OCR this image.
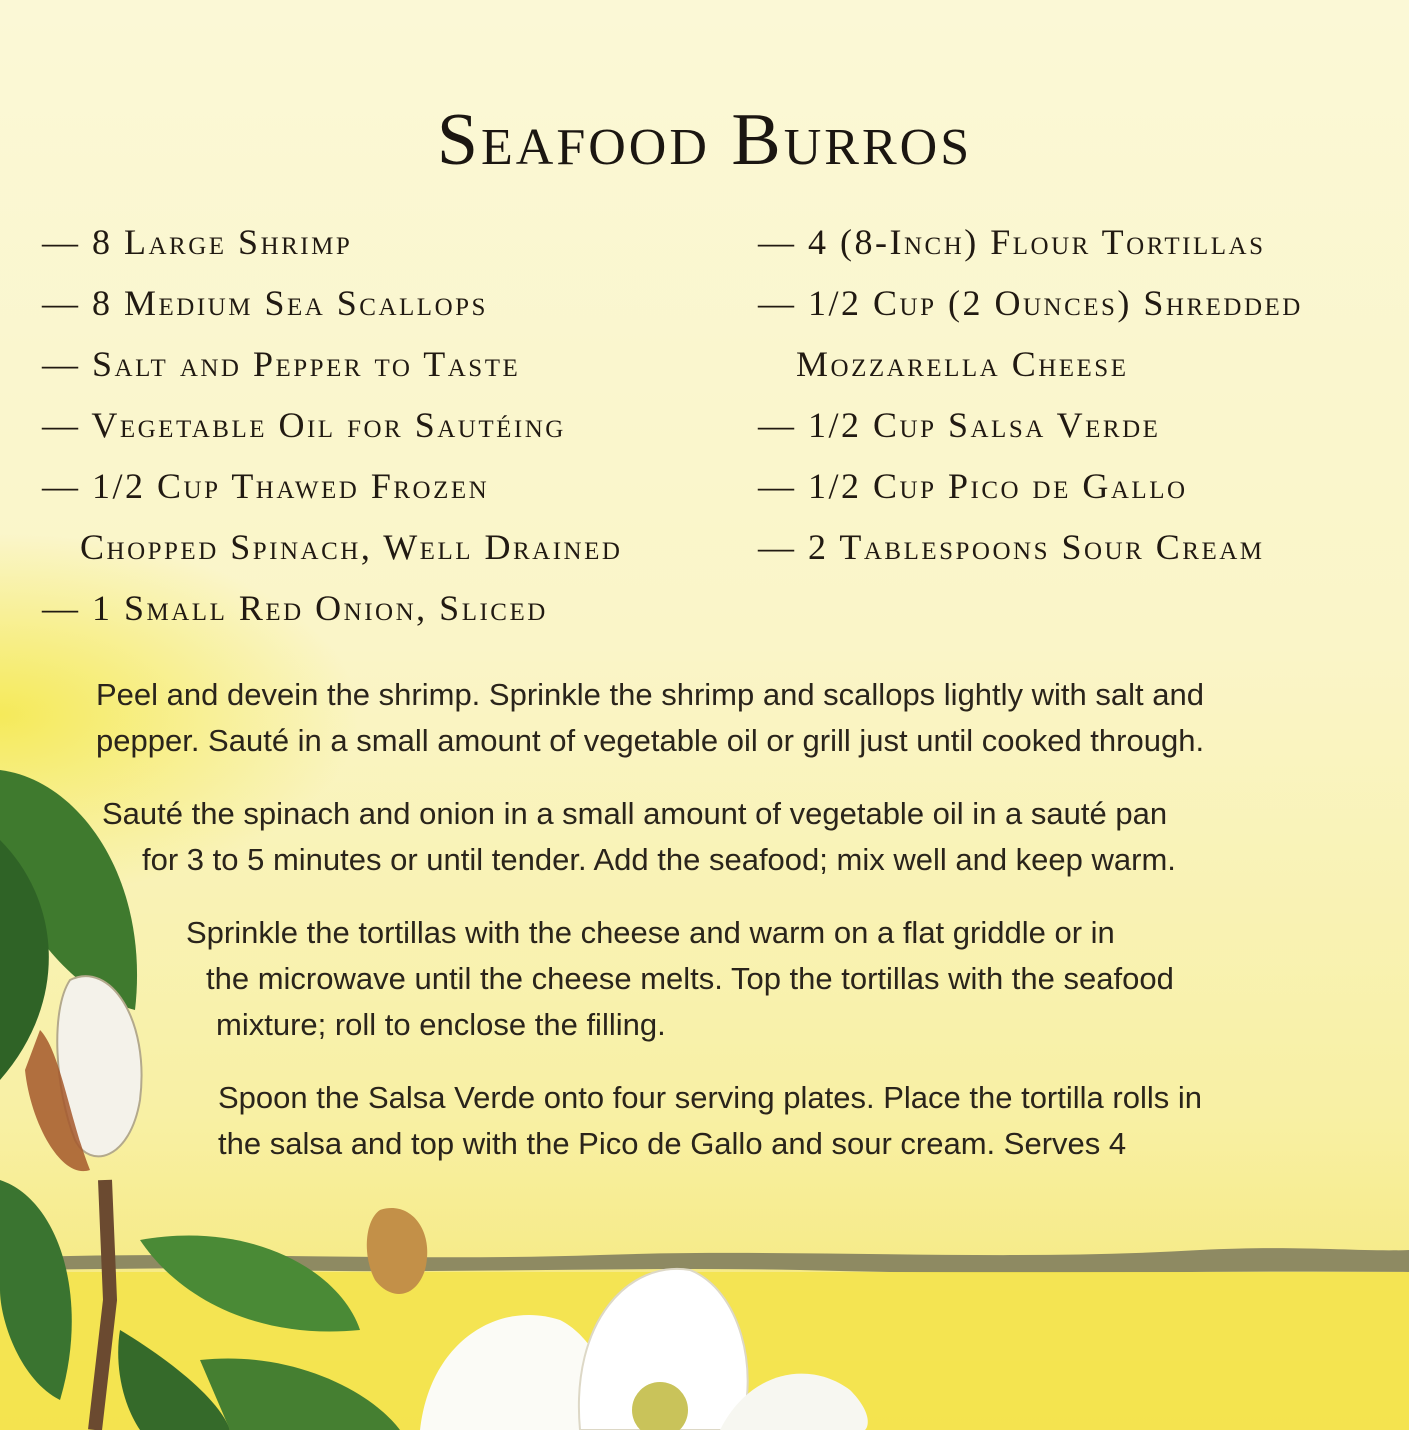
Seafood Burros
— 8 Large Shrimp
— 8 Medium Sea Scallops
— Salt and Pepper to Taste
— Vegetable Oil for Sautéing
— 1/2 Cup Thawed Frozen
Chopped Spinach, Well Drained
— 1 Small Red Onion, Sliced
— 4 (8-Inch) Flour Tortillas
— 1/2 Cup (2 Ounces) Shredded
Mozzarella Cheese
— 1/2 Cup Salsa Verde
— 1/2 Cup Pico de Gallo
— 2 Tablespoons Sour Cream
Peel and devein the shrimp. Sprinkle the shrimp and scallops lightly with salt and
pepper. Sauté in a small amount of vegetable oil or grill just until cooked through.
Sauté the spinach and onion in a small amount of vegetable oil in a sauté pan
for 3 to 5 minutes or until tender. Add the seafood; mix well and keep warm.
Sprinkle the tortillas with the cheese and warm on a flat griddle or in
the microwave until the cheese melts. Top the tortillas with the seafood
mixture; roll to enclose the filling.
Spoon the Salsa Verde onto four serving plates. Place the tortilla rolls in
the salsa and top with the Pico de Gallo and sour cream. Serves 4
